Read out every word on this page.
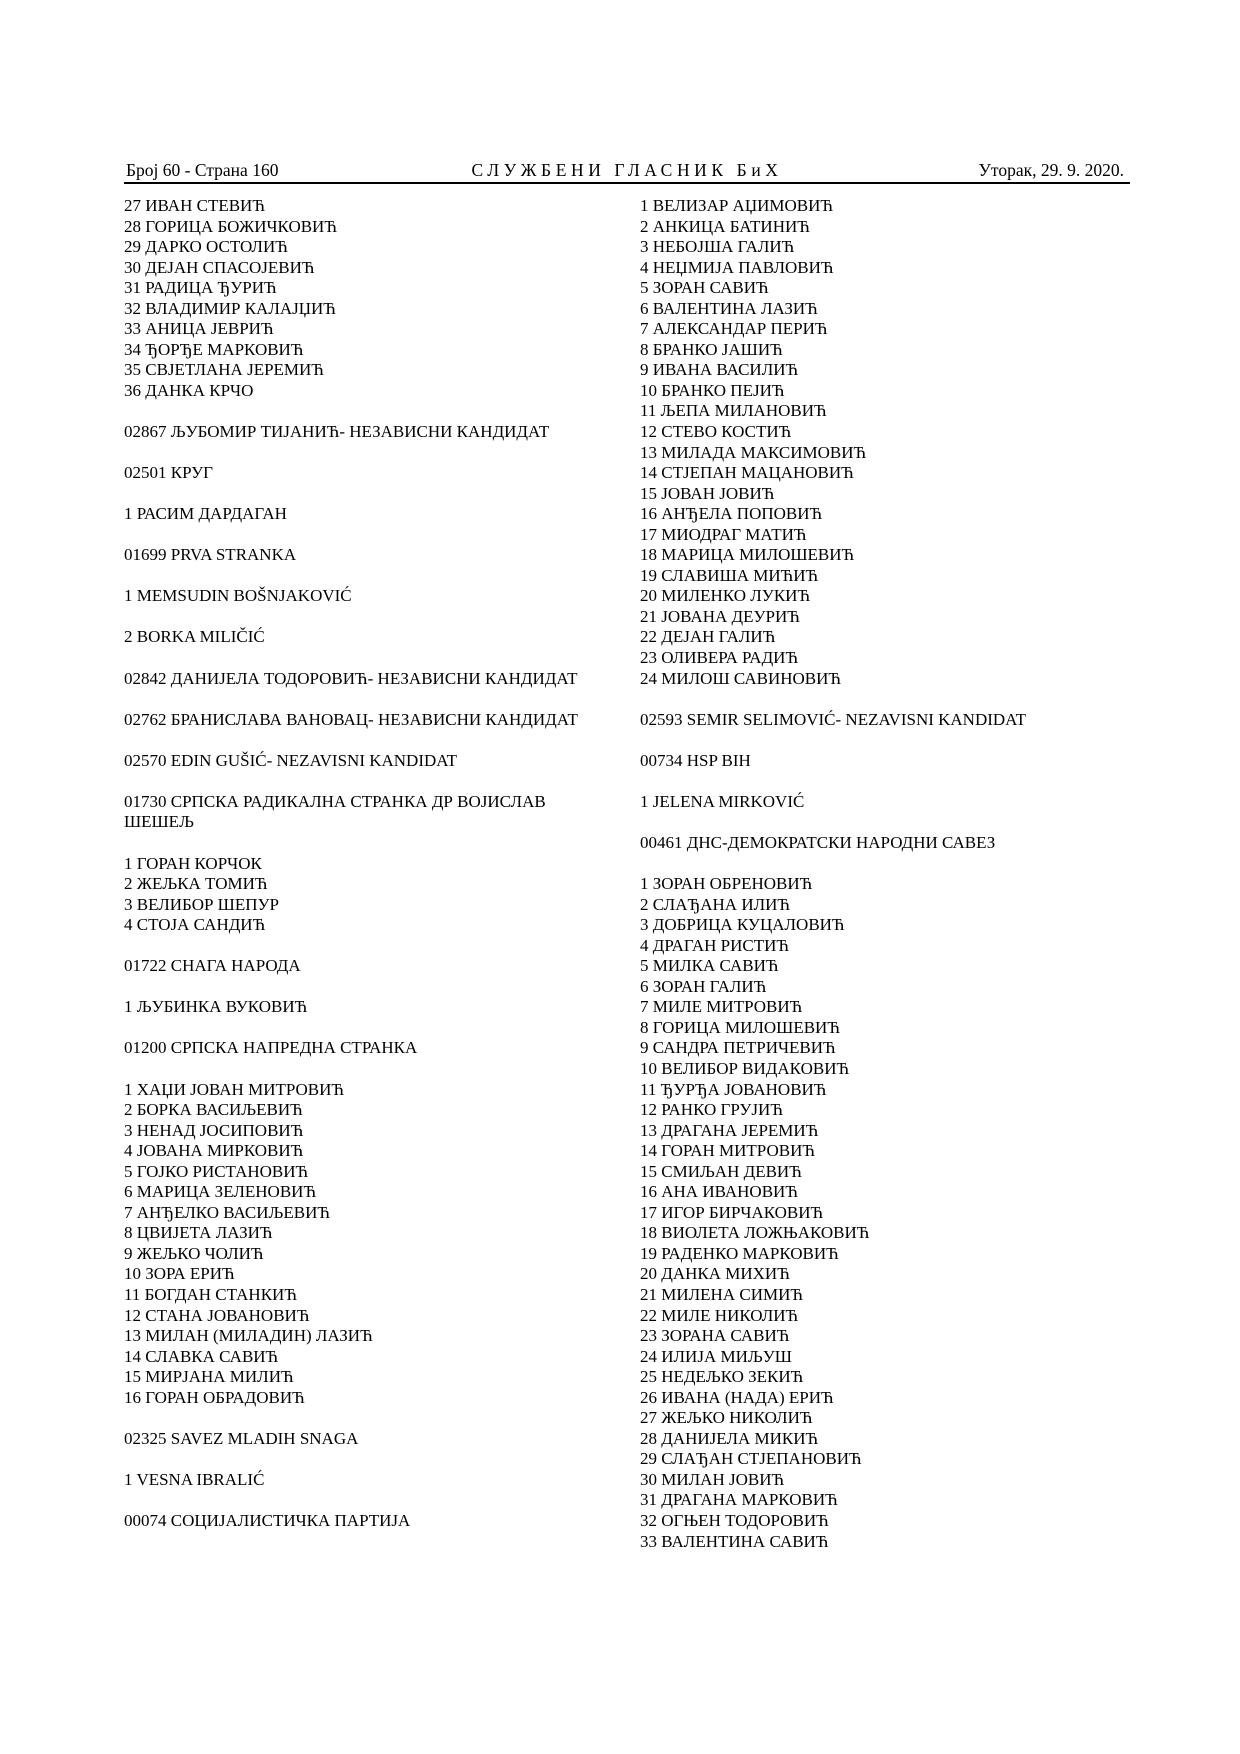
Број 60 - Страна 160	СЛУЖБЕНИ ГЛАСНИК БиХ	Уторак, 29. 9. 2020.
27 ИВАН СТЕВИЋ
28 ГОРИЦА БОЖИЧКОВИЋ
29 ДАРКО ОСТОЛИЋ
30 ДЕЈАН СПАСОЈЕВИЋ
31 РАДИЦА ЂУРИЋ
32 ВЛАДИМИР КАЛАЈЏИЋ
33 АНИЦА ЈЕВРИЋ
34 ЂОРЂЕ МАРКОВИЋ
35 СВЈЕТЛАНА ЈЕРЕМИЋ
36 ДАНКА КРЧО
02867 ЉУБОМИР ТИЈАНИЋ- НЕЗАВИСНИ КАНДИДАТ
02501 КРУГ
1 РАСИМ ДАРДАГАН
01699 PRVA STRANKA
1 MEMSUDIN BOŠNJAKOVIĆ
2 BORKA MILIČIĆ
02842 ДАНИЈЕЛА ТОДОРОВИЋ- НЕЗАВИСНИ КАНДИДАТ
02762 БРАНИСЛАВА ВАНОВАЦ- НЕЗАВИСНИ КАНДИДАТ
02570 EDIN GUŠIĆ- NEZAVISNI KANDIDAT
01730 СРПСКА РАДИКАЛНА СТРАНКА ДР ВОЈИСЛАВ
ШЕШЕЉ
1 ГОРАН КОРЧОК
2 ЖЕЉКА ТОМИЋ
3 ВЕЛИБОР ШЕПУР
4 СТОЈА САНДИЋ
01722 СНАГА НАРОДА
1 ЉУБИНКА ВУКОВИЋ
01200 СРПСКА НАПРЕДНА СТРАНКА
1 ХАЏИ ЈОВАН МИТРОВИЋ
2 БОРКА ВАСИЉЕВИЋ
3 НЕНАД ЈОСИПОВИЋ
4 ЈОВАНА МИРКОВИЋ
5 ГОЈКО РИСТАНОВИЋ
6 МАРИЦА ЗЕЛЕНОВИЋ
7 АНЂЕЛКО ВАСИЉЕВИЋ
8 ЦВИЈЕТА ЛАЗИЋ
9 ЖЕЉКО ЧОЛИЋ
10 ЗОРА ЕРИЋ
11 БОГДАН СТАНКИЋ
12 СТАНА ЈОВАНОВИЋ
13 МИЛАН (МИЛАДИН) ЛАЗИЋ
14 СЛАВКА САВИЋ
15 МИРЈАНА МИЛИЋ
16 ГОРАН ОБРАДОВИЋ
02325 SAVEZ MLADIH SNAGA
1 VESNA IBRALIĆ
00074 СОЦИЈАЛИСТИЧКА ПАРТИЈА
1 ВЕЛИЗАР АЏИМОВИЋ
2 АНКИЦА БАТИНИЋ
3 НЕБОЈША ГАЛИЋ
4 НЕЏМИЈА ПАВЛОВИЋ
5 ЗОРАН САВИЋ
6 ВАЛЕНТИНА ЛАЗИЋ
7 АЛЕКСАНДАР ПЕРИЋ
8 БРАНКО ЈАШИЋ
9 ИВАНА ВАСИЛИЋ
10 БРАНКО ПЕЈИЋ
11 ЉЕПА МИЛАНОВИЋ
12 СТЕВО КОСТИЋ
13 МИЛАДА МАКСИМОВИЋ
14 СТЈЕПАН МАЦАНОВИЋ
15 ЈОВАН ЈОВИЋ
16 АНЂЕЛА ПОПОВИЋ
17 МИОДРАГ МАТИЋ
18 МАРИЦА МИЛОШЕВИЋ
19 СЛАВИША МИЋИЋ
20 МИЛЕНКО ЛУКИЋ
21 ЈОВАНА ДЕУРИЋ
22 ДЕЈАН ГАЛИЋ
23 ОЛИВЕРА РАДИЋ
24 МИЛОШ САВИНОВИЋ
02593 SEMIR SELIMOVIĆ- NEZAVISNI KANDIDAT
00734 HSP BIH
1 JELENA MIRKOVIĆ
00461 ДНС-ДЕМОКРАТСКИ НАРОДНИ САВЕЗ
1 ЗОРАН ОБРЕНОВИЋ
2 СЛАЂАНА ИЛИЋ
3 ДОБРИЦА КУЦАЛОВИЋ
4 ДРАГАН РИСТИЋ
5 МИЛКА САВИЋ
6 ЗОРАН ГАЛИЋ
7 МИЛЕ МИТРОВИЋ
8 ГОРИЦА МИЛОШЕВИЋ
9 САНДРА ПЕТРИЧЕВИЋ
10 ВЕЛИБОР ВИДАКОВИЋ
11 ЂУРЂА ЈОВАНОВИЋ
12 РАНКО ГРУЈИЋ
13 ДРАГАНА ЈЕРЕМИЋ
14 ГОРАН МИТРОВИЋ
15 СМИЉАН ДЕВИЋ
16 АНА ИВАНОВИЋ
17 ИГОР БИРЧАКОВИЋ
18 ВИОЛЕТА ЛОЖЊАКОВИЋ
19 РАДЕНКО МАРКОВИЋ
20 ДАНКА МИХИЋ
21 МИЛЕНА СИМИЋ
22 МИЛЕ НИКОЛИЋ
23 ЗОРАНА САВИЋ
24 ИЛИЈА МИЉУШ
25 НЕДЕЉКО ЗЕКИЋ
26 ИВАНА (НАДА) ЕРИЋ
27 ЖЕЉКО НИКОЛИЋ
28 ДАНИЈЕЛА МИКИЋ
29 СЛАЂАН СТЈЕПАНОВИЋ
30 МИЛАН ЈОВИЋ
31 ДРАГАНА МАРКОВИЋ
32 ОГЊЕН ТОДОРОВИЋ
33 ВАЛЕНТИНА САВИЋ
